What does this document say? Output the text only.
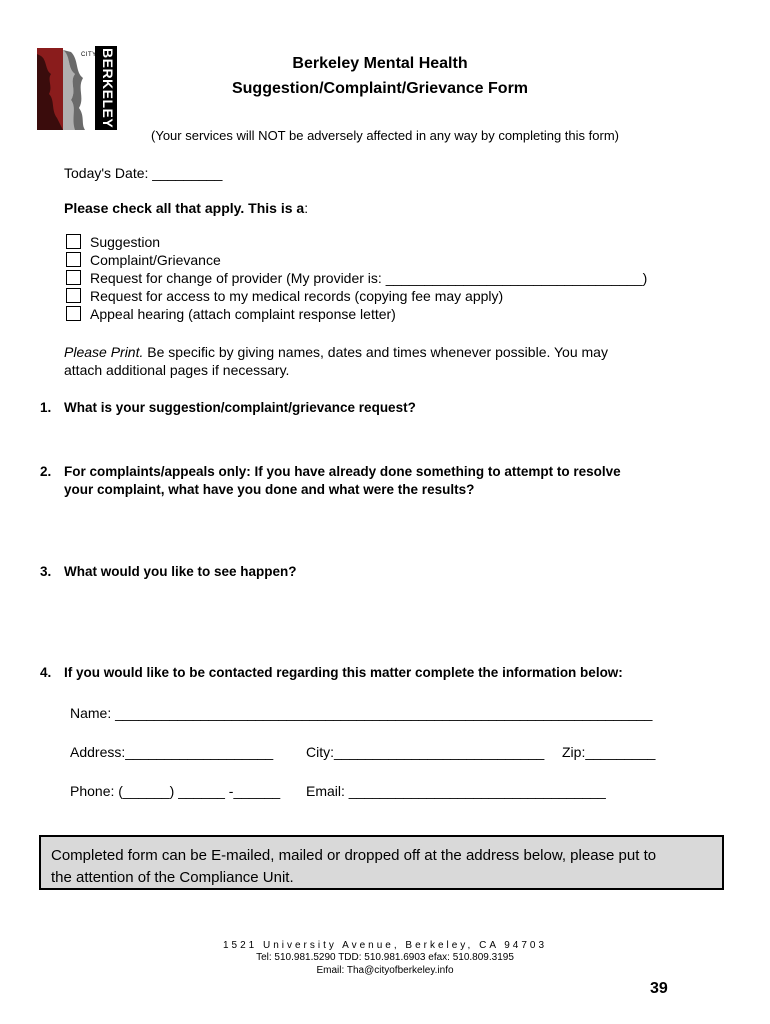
CITY OF
BERKELEY	Berkeley Mental Health
Suggestion/Complaint/Grievance Form
(Your services will NOT be adversely affected in any way by completing this form)
Today's Date: _________
Please check all that apply. This is a:
Suggestion
Complaint/Grievance
Request for change of provider (My provider is: _________________________________)
Request for access to my medical records (copying fee may apply)
Appeal hearing (attach complaint response letter)
Please Print. Be specific by giving names, dates and times whenever possible. You may
attach additional pages if necessary.
1. What is your suggestion/complaint/grievance request?
2. For complaints/appeals only: If you have already done something to attempt to resolve
your complaint, what have you done and what were the results?
3. What would you like to see happen?
4. If you would like to be contacted regarding this matter complete the information below:
Name: _____________________________________________________________________
Address:___________________ City:___________________________ Zip:_________
Phone: (______) ______ -______ Email: _________________________________
Completed form can be E-mailed, mailed or dropped off at the address below, please put to
the attention of the Compliance Unit.
1521 University Avenue, Berkeley, CA 94703
Tel: 510.981.5290 TDD: 510.981.6903 efax: 510.809.3195
Email: Tha@cityofberkeley.info
39
